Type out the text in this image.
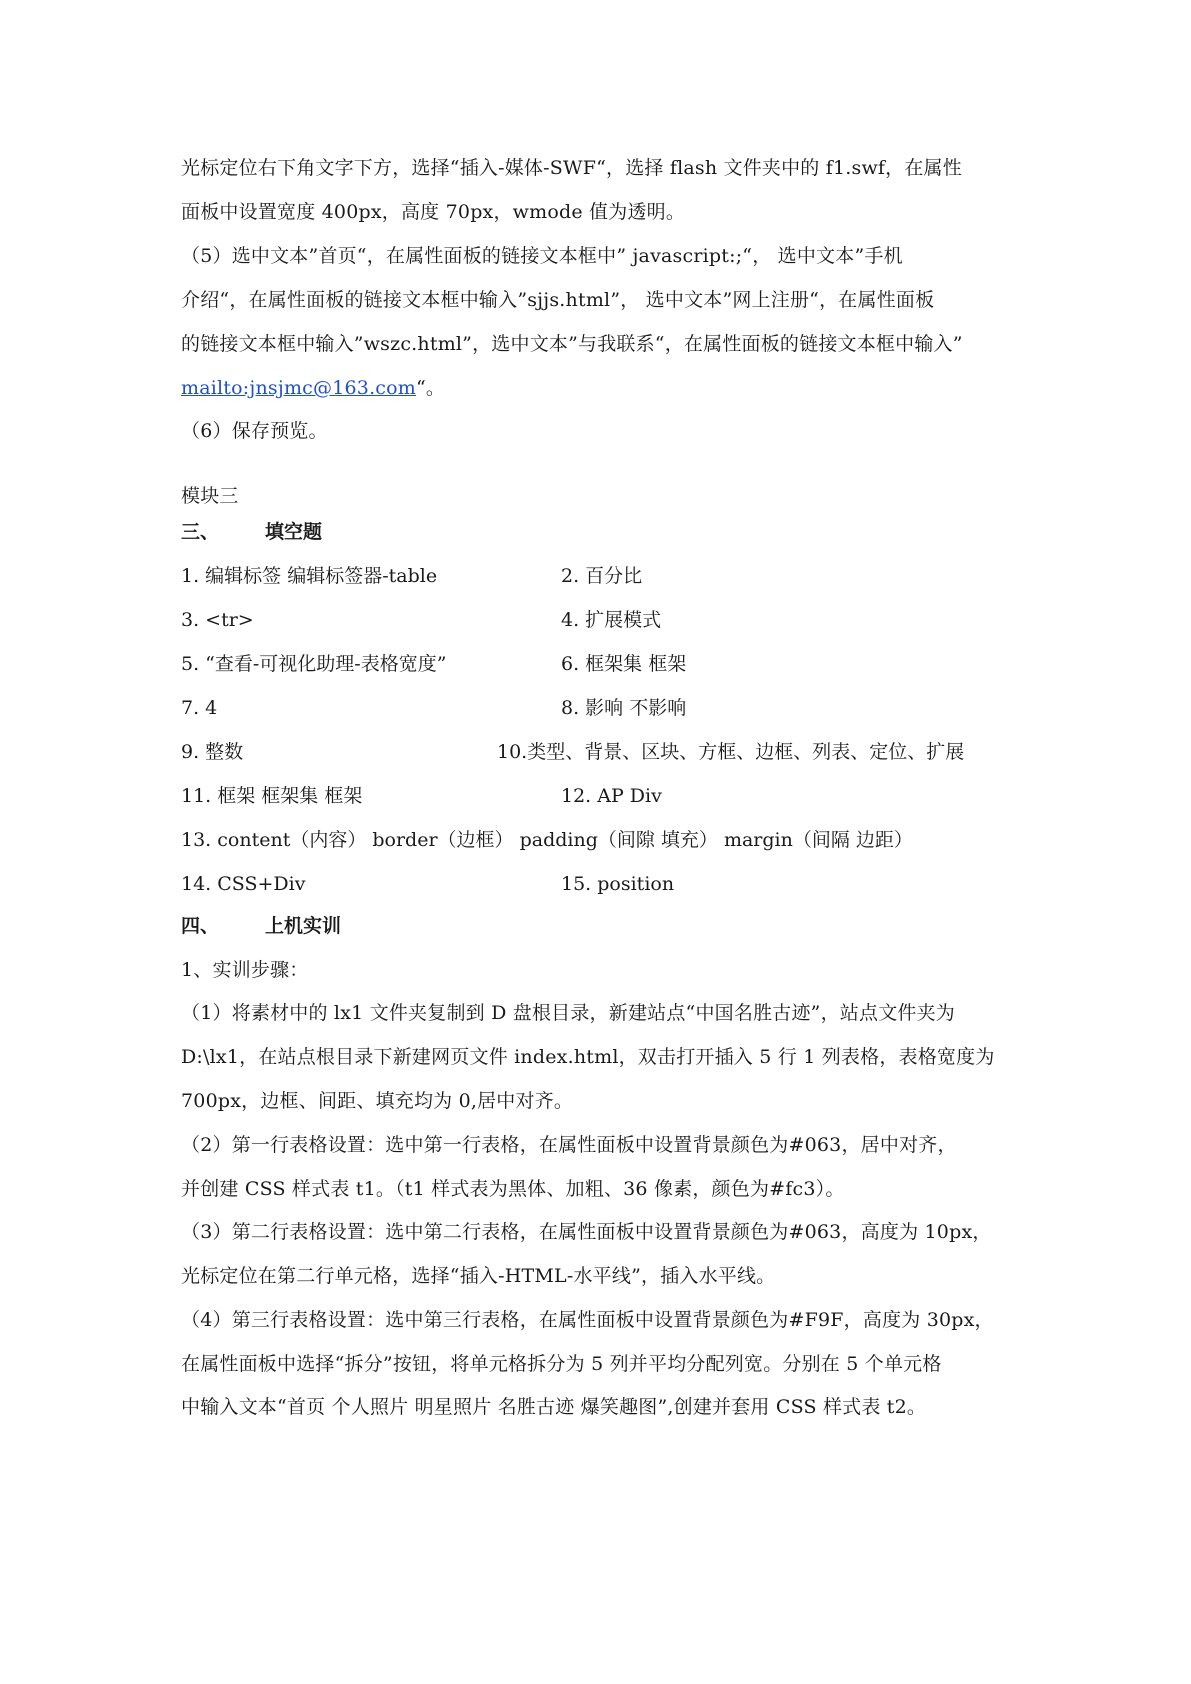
光标定位右下角文字下方，选择“插入-媒体-SWF“，选择 flash 文件夹中的 f1.swf，在属性
面板中设置宽度 400px，高度 70px，wmode 值为透明。
（5）选中文本”首页“，在属性面板的链接文本框中” javascript:;“， 选中文本”手机
介绍“，在属性面板的链接文本框中输入”sjjs.html”， 选中文本”网上注册“，在属性面板
的链接文本框中输入”wszc.html”，选中文本”与我联系“，在属性面板的链接文本框中输入”
mailto:jnsjmc@163.com“。
（6）保存预览。
模块三
三、 填空题
1. 编辑标签 编辑标签器-table	2. 百分比
3. <tr>	4. 扩展模式
5. “查看-可视化助理-表格宽度”	6. 框架集 框架
7. 4	8. 影响 不影响
9. 整数	10.类型、背景、区块、方框、边框、列表、定位、扩展
11. 框架 框架集 框架	12. AP Div
13. content（内容） border（边框） padding（间隙 填充） margin（间隔 边距）
14. CSS+Div	15. position
四、 上机实训
1、实训步骤：
（1）将素材中的 lx1 文件夹复制到 D 盘根目录，新建站点“中国名胜古迹”，站点文件夹为
D:\lx1，在站点根目录下新建网页文件 index.html，双击打开插入 5 行 1 列表格，表格宽度为
700px，边框、间距、填充均为 0,居中对齐。
（2）第一行表格设置：选中第一行表格，在属性面板中设置背景颜色为#063，居中对齐，
并创建 CSS 样式表 t1。（t1 样式表为黑体、加粗、36 像素，颜色为#fc3）。
（3）第二行表格设置：选中第二行表格，在属性面板中设置背景颜色为#063，高度为 10px，
光标定位在第二行单元格，选择“插入-HTML-水平线”，插入水平线。
（4）第三行表格设置：选中第三行表格，在属性面板中设置背景颜色为#F9F，高度为 30px，
在属性面板中选择“拆分”按钮，将单元格拆分为 5 列并平均分配列宽。分别在 5 个单元格
中输入文本“首页 个人照片 明星照片 名胜古迹 爆笑趣图”,创建并套用 CSS 样式表 t2。
